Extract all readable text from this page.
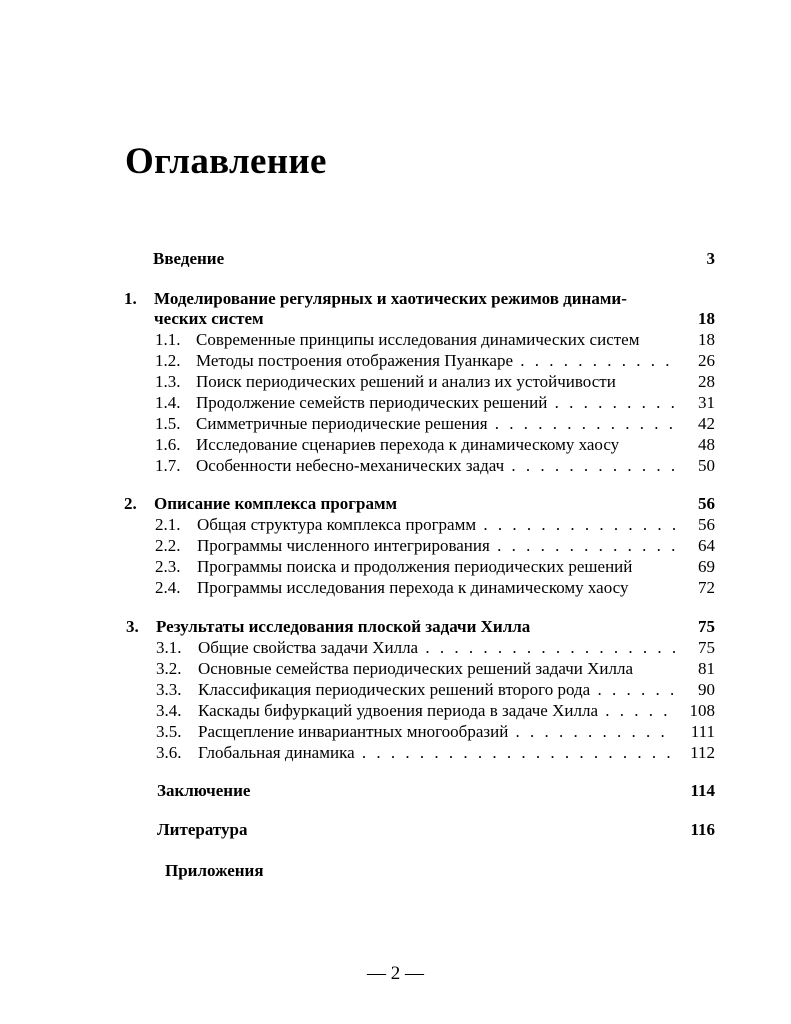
Оглавление
Введение	3
1. Моделирование регулярных и хаотических режимов динами-
ческих систем	18
1.1. Современные принципы исследования динамических систем	18
1.2. Методы построения отображения Пуанкаре . . .	26
1.3. Поиск периодических решений и анализ их устойчивости	28
1.4. Продолжение семейств периодических решений . . .	31
1.5. Симметричные периодические решения . . .	42
1.6. Исследование сценариев перехода к динамическому хаосу	48
1.7. Особенности небесно-механических задач . . .	50
2. Описание комплекса программ	56
2.1. Общая структура комплекса программ . . .	56
2.2. Программы численного интегрирования . . .	64
2.3. Программы поиска и продолжения периодических решений	69
2.4. Программы исследования перехода к динамическому хаосу	72
3. Результаты исследования плоской задачи Хилла	75
3.1. Общие свойства задачи Хилла . . .	75
3.2. Основные семейства периодических решений задачи Хилла	81
3.3. Классификация периодических решений второго рода . . .	90
3.4. Каскады бифуркаций удвоения периода в задаче Хилла . . .	108
3.5. Расщепление инвариантных многообразий . . .	111
3.6. Глобальная динамика . . .	112
Заключение	114
Литература	116
Приложения
— 2 —
